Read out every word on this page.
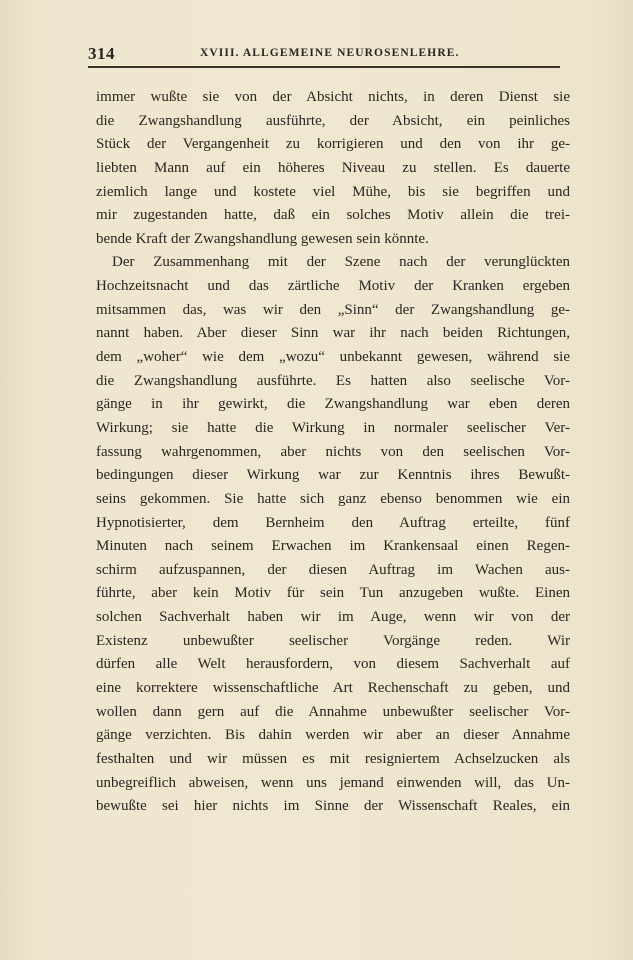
314	XVIII. ALLGEMEINE NEUROSENLEHRE.
immer wußte sie von der Absicht nichts, in deren Dienst sie
die Zwangshandlung ausführte, der Absicht, ein peinliches
Stück der Vergangenheit zu korrigieren und den von ihr ge-
liebten Mann auf ein höheres Niveau zu stellen. Es dauerte
ziemlich lange und kostete viel Mühe, bis sie begriffen und
mir zugestanden hatte, daß ein solches Motiv allein die trei-
bende Kraft der Zwangshandlung gewesen sein könnte.
Der Zusammenhang mit der Szene nach der verunglückten
Hochzeitsnacht und das zärtliche Motiv der Kranken ergeben
mitsammen das, was wir den „Sinn“ der Zwangshandlung ge-
nannt haben. Aber dieser Sinn war ihr nach beiden Richtungen,
dem „woher“ wie dem „wozu“ unbekannt gewesen, während sie
die Zwangshandlung ausführte. Es hatten also seelische Vor-
gänge in ihr gewirkt, die Zwangshandlung war eben deren
Wirkung; sie hatte die Wirkung in normaler seelischer Ver-
fassung wahrgenommen, aber nichts von den seelischen Vor-
bedingungen dieser Wirkung war zur Kenntnis ihres Bewußt-
seins gekommen. Sie hatte sich ganz ebenso benommen wie ein
Hypnotisierter, dem Bernheim den Auftrag erteilte, fünf
Minuten nach seinem Erwachen im Krankensaal einen Regen-
schirm aufzuspannen, der diesen Auftrag im Wachen aus-
führte, aber kein Motiv für sein Tun anzugeben wußte. Einen
solchen Sachverhalt haben wir im Auge, wenn wir von der
Existenz unbewußter seelischer Vorgänge reden. Wir
dürfen alle Welt herausfordern, von diesem Sachverhalt auf
eine korrektere wissenschaftliche Art Rechenschaft zu geben, und
wollen dann gern auf die Annahme unbewußter seelischer Vor-
gänge verzichten. Bis dahin werden wir aber an dieser Annahme
festhalten und wir müssen es mit resigniertem Achselzucken als
unbegreiflich abweisen, wenn uns jemand einwenden will, das Un-
bewußte sei hier nichts im Sinne der Wissenschaft Reales, ein
